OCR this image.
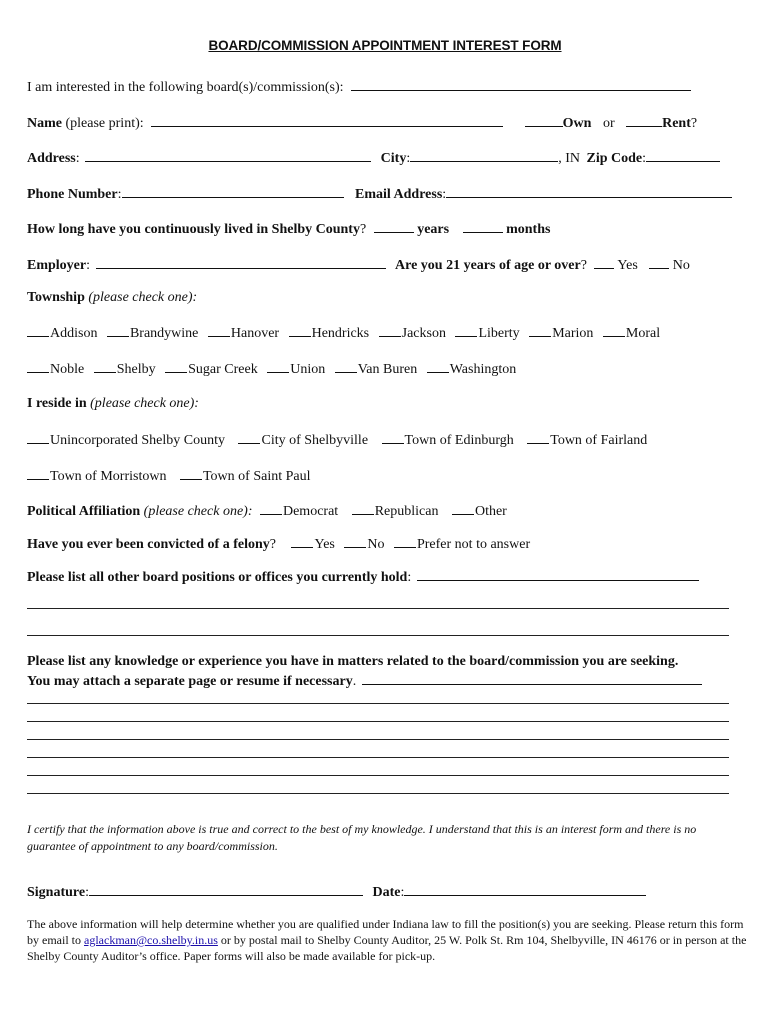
BOARD/COMMISSION APPOINTMENT INTEREST FORM
I am interested in the following board(s)/commission(s):
Name (please print):	Own or	Rent?
Address:	City:	, IN Zip Code:
Phone Number:	Email Address:
How long have you continuously lived in Shelby County?	years	months
Employer:	Are you 21 years of age or over? Yes	No
Township (please check one):
Addison Brandywine Hanover Hendricks Jackson Liberty Marion Moral
Noble Shelby Sugar Creek Union Van Buren Washington
I reside in (please check one):
Unincorporated Shelby County	City of Shelbyville	Town of Edinburgh	Town of Fairland
Town of Morristown	Town of Saint Paul
Political Affiliation (please check one): Democrat	Republican	Other
Have you ever been convicted of a felony?	Yes No Prefer not to answer
Please list all other board positions or offices you currently hold:
Please list any knowledge or experience you have in matters related to the board/commission you are seeking.
You may attach a separate page or resume if necessary.
I certify that the information above is true and correct to the best of my knowledge. I understand that this is an interest form and there is no guarantee of appointment to any board/commission.
Signature:	Date:
The above information will help determine whether you are qualified under Indiana law to fill the position(s) you are seeking. Please return this form by email to aglackman@co.shelby.in.us or by postal mail to Shelby County Auditor, 25 W. Polk St. Rm 104, Shelbyville, IN 46176 or in person at the Shelby County Auditor’s office. Paper forms will also be made available for pick-up.
